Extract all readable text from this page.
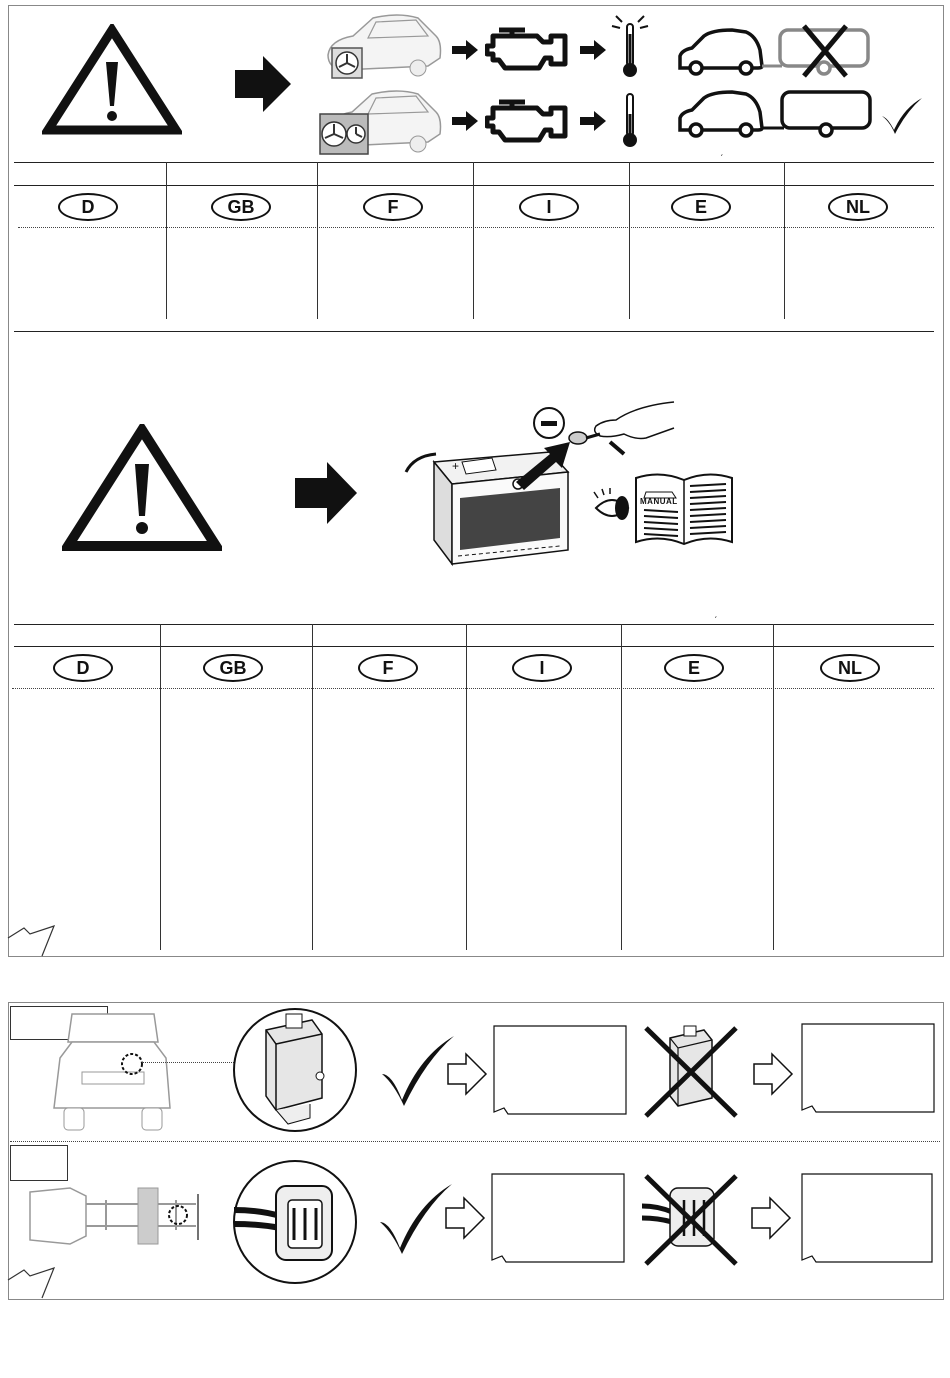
ˊ
D	GB	F	I	E	NL
+
MANUAL
ˊ
D	GB	F	I	E	NL
